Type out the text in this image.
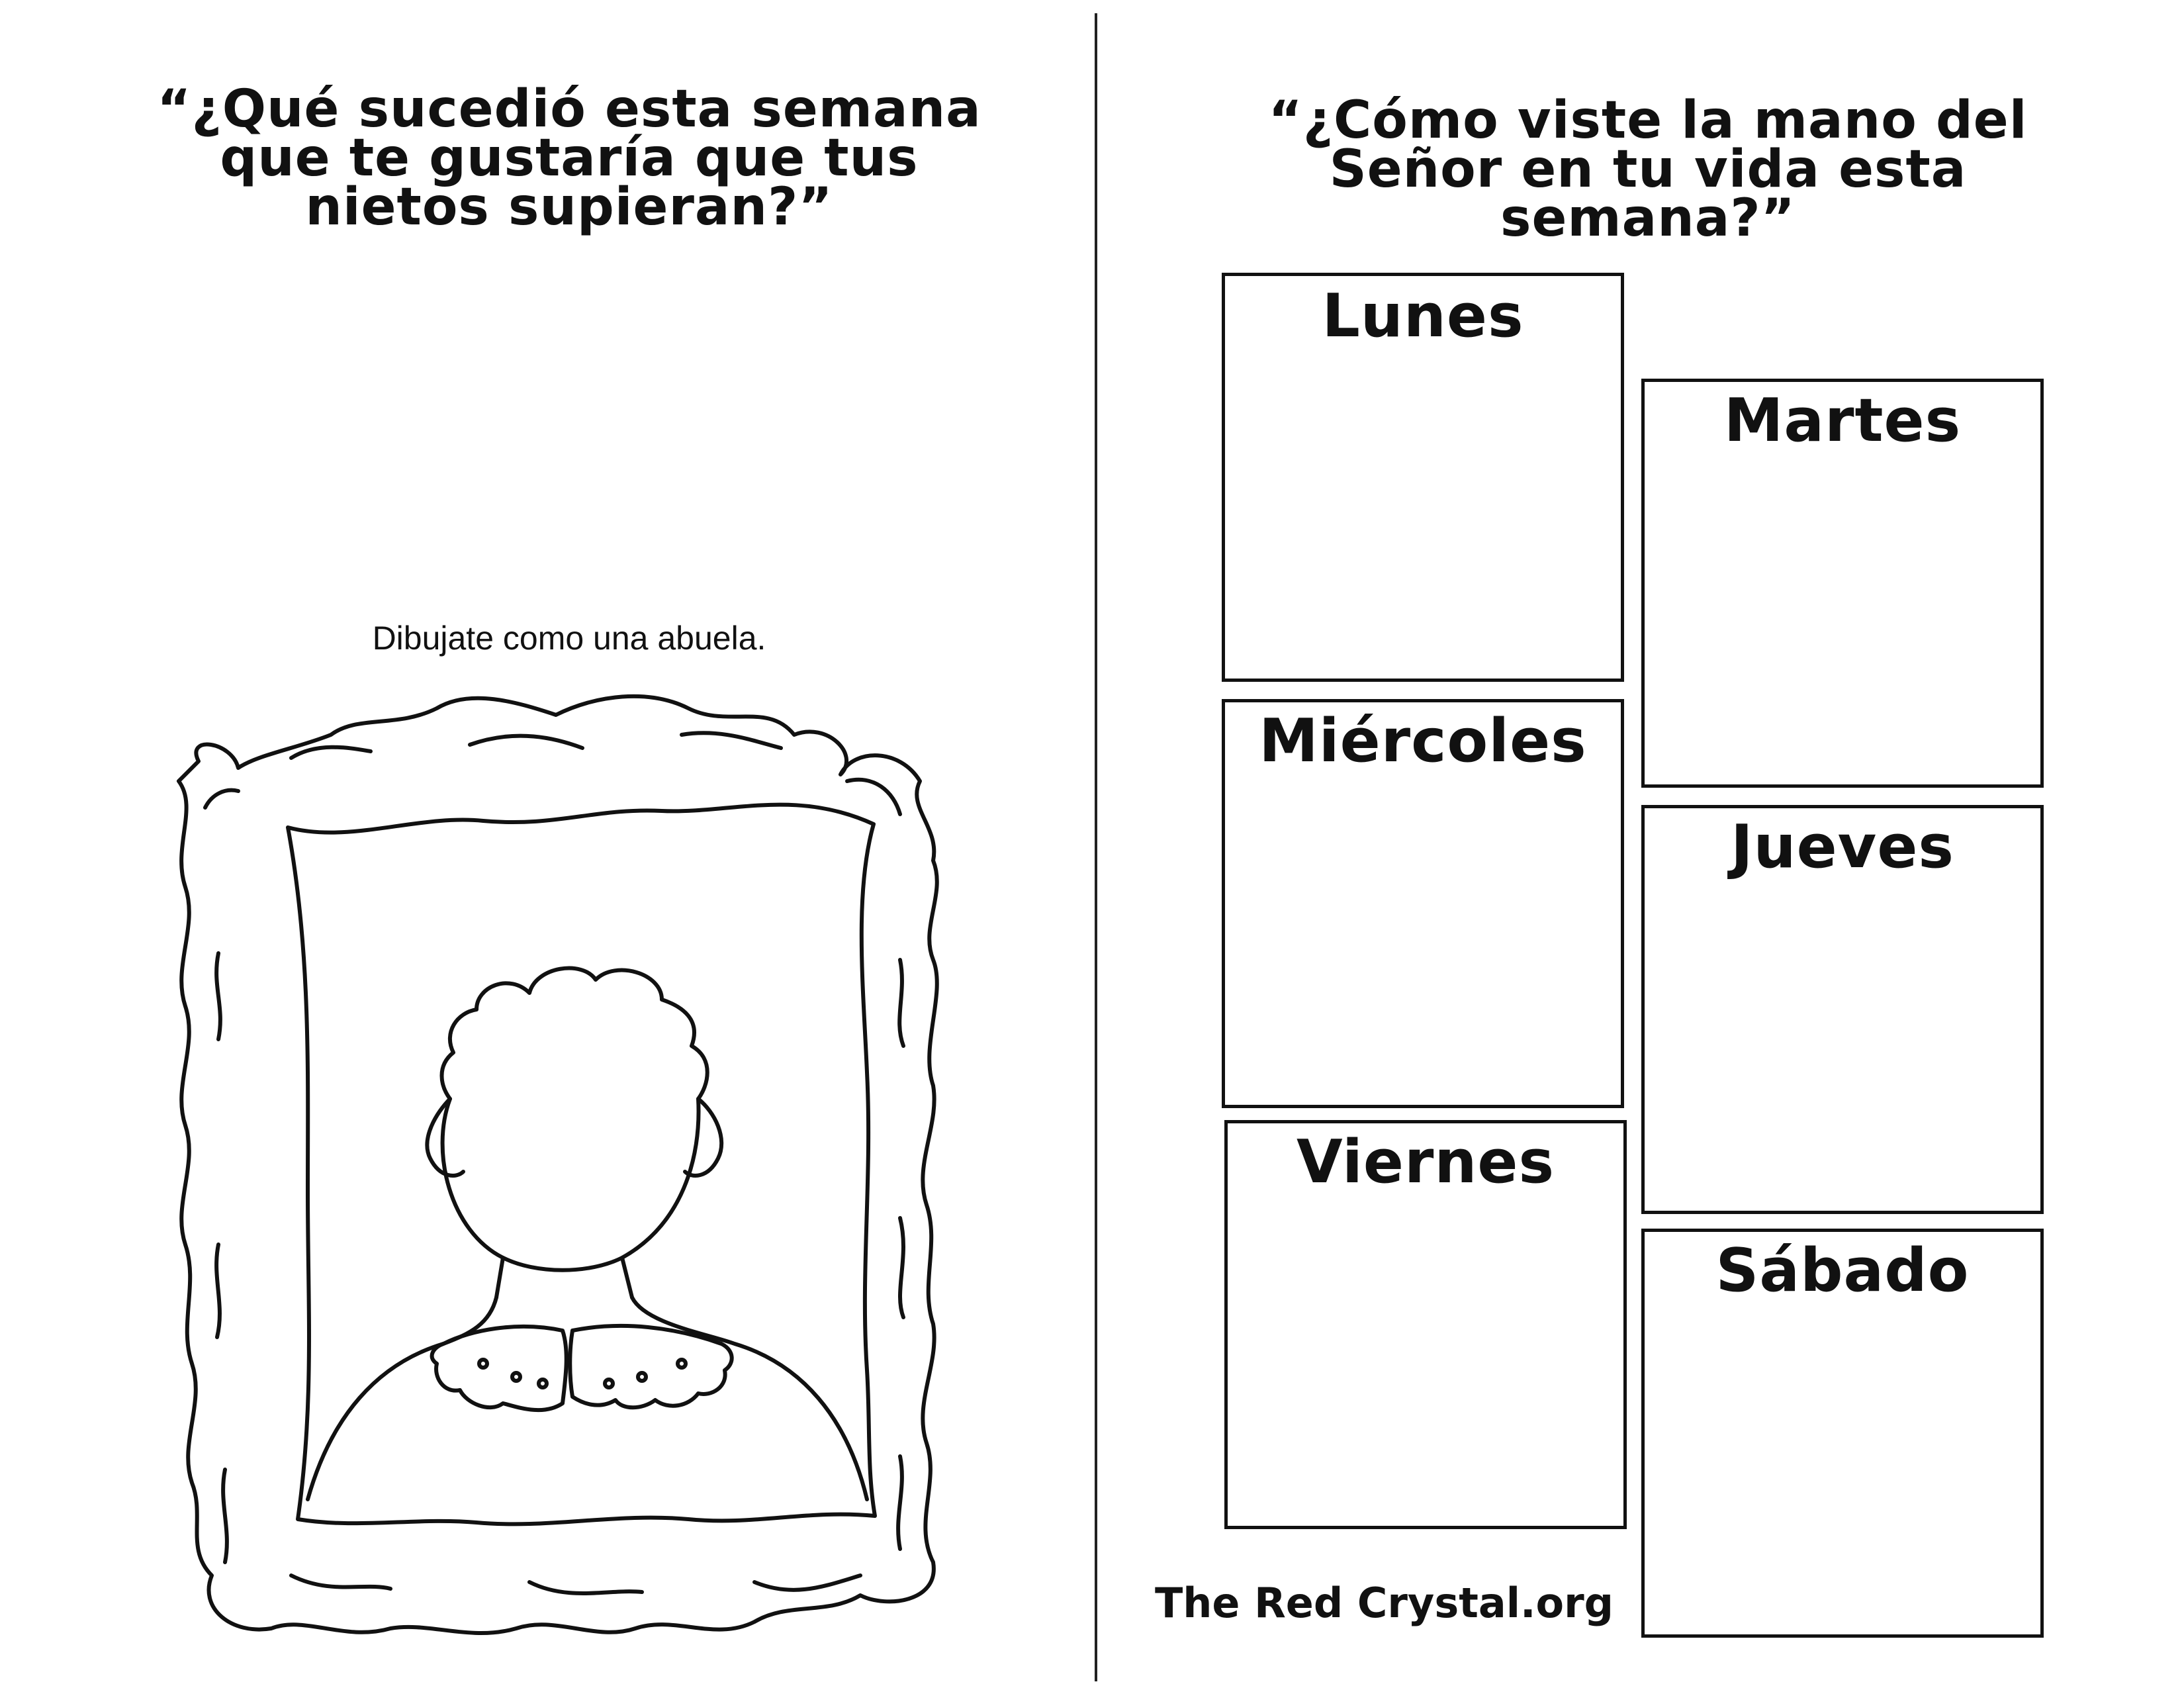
“¿Qué sucedió esta semana que te gustaría que tus nietos supieran?”
Dibujate como una abuela.
“¿Cómo viste la mano del Señor en tu vida esta semana?”
Lunes
Martes
Miércoles
Jueves
Viernes
Sábado
The Red Crystal.org
